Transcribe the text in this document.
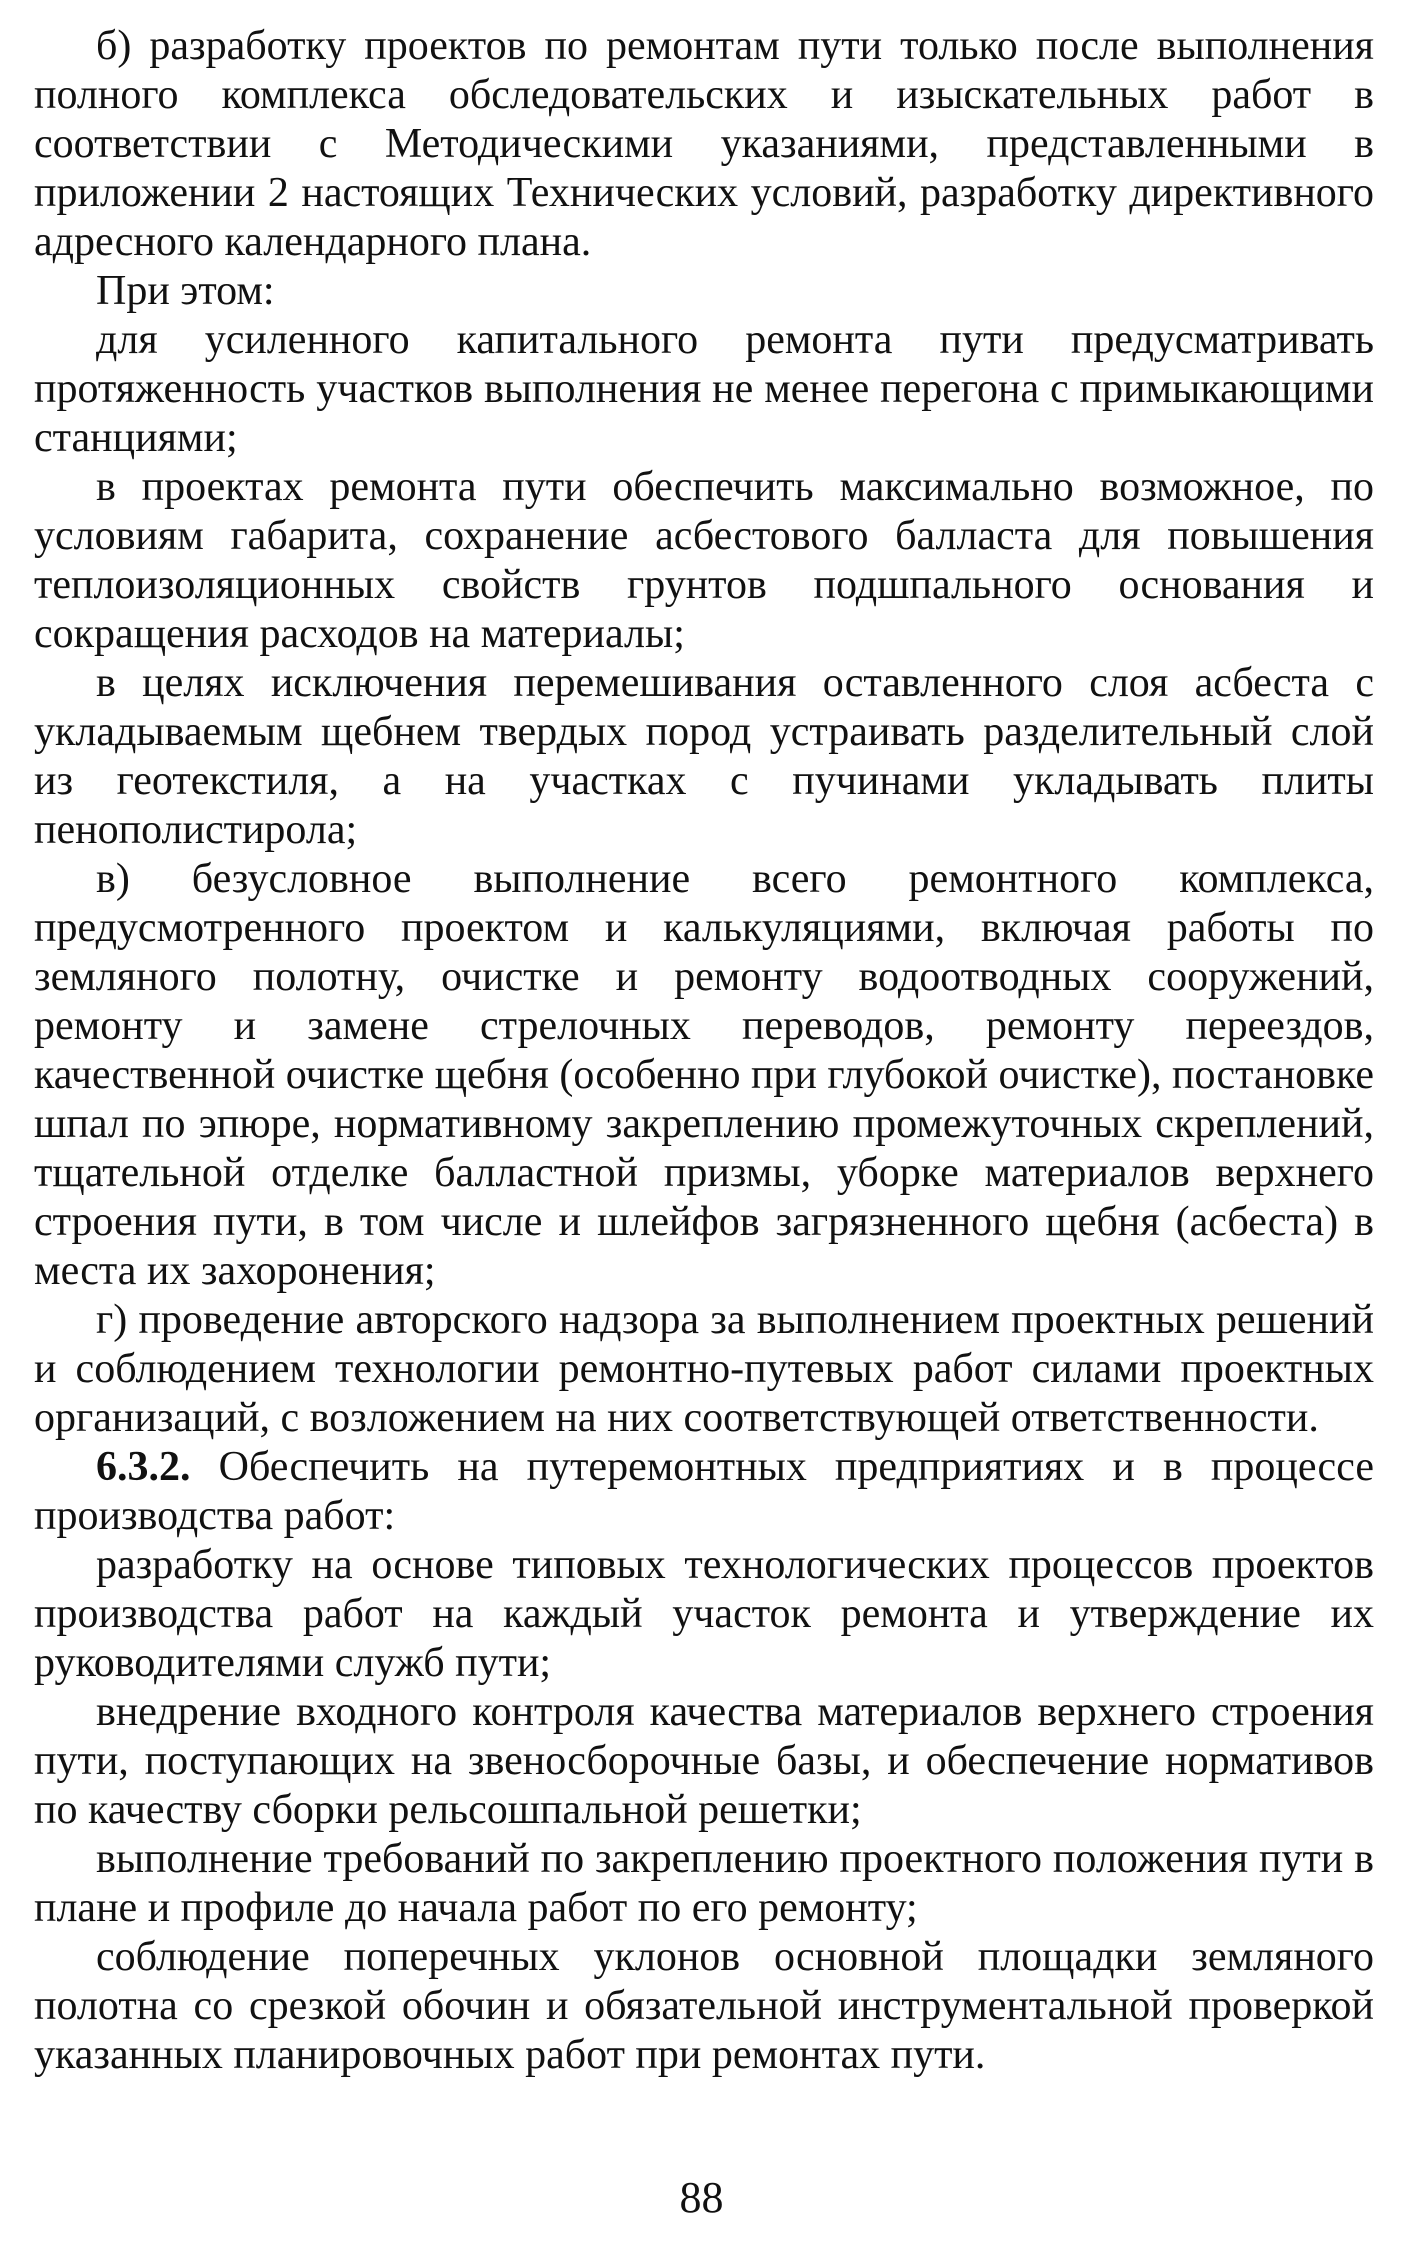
б) разработку проектов по ремонтам пути только после выполнения полного комплекса обследовательских и изыскательных работ в соответствии с Методическими указаниями, представленными в приложении 2 настоящих Технических условий, разработку директивного адресного календарного плана.

При этом:

для усиленного капитального ремонта пути предусматривать протяженность участков выполнения не менее перегона с примыкающими станциями;

в проектах ремонта пути обеспечить максимально возможное, по условиям габарита, сохранение асбестового балласта для повышения теплоизоляционных свойств грунтов подшпального основания и сокращения расходов на материалы;

в целях исключения перемешивания оставленного слоя асбеста с укладываемым щебнем твердых пород устраивать разделительный слой из геотекстиля, а на участках с пучинами укладывать плиты пенополистирола;

в) безусловное выполнение всего ремонтного комплекса, предусмотренного проектом и калькуляциями, включая работы по земляного полотну, очистке и ремонту водоотводных сооружений, ремонту и замене стрелочных переводов, ремонту переездов, качественной очистке щебня (особенно при глубокой очистке), постановке шпал по эпюре, нормативному закреплению промежуточных скреплений, тщательной отделке балластной призмы, уборке материалов верхнего строения пути, в том числе и шлейфов загрязненного щебня (асбеста) в места их захоронения;

г) проведение авторского надзора за выполнением проектных решений и соблюдением технологии ремонтно-путевых работ силами проектных организаций, с возложением на них соответствующей ответственности.

6.3.2. Обеспечить на путеремонтных предприятиях и в процессе производства работ:

разработку на основе типовых технологических процессов проектов производства работ на каждый участок ремонта и утверждение их руководителями служб пути;

внедрение входного контроля качества материалов верхнего строения пути, поступающих на звеносборочные базы, и обеспечение нормативов по качеству сборки рельсошпальной решетки;

выполнение требований по закреплению проектного положения пути в плане и профиле до начала работ по его ремонту;

соблюдение поперечных уклонов основной площадки земляного полотна со срезкой обочин и обязательной инструментальной проверкой указанных планировочных работ при ремонтах пути.

88
